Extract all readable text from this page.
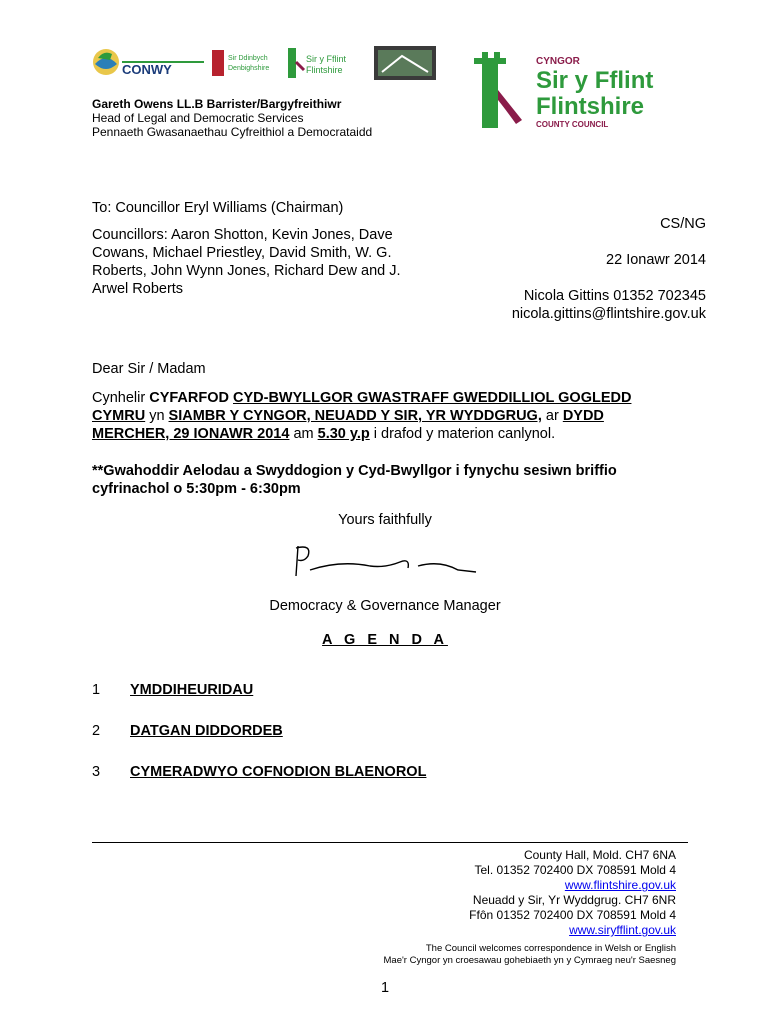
CONWY
Sir Ddinbych
Denbighshire
Sir y Fflint
Flintshire
Gareth Owens LL.B Barrister/Bargyfreithiwr
Head of Legal and Democratic Services
Pennaeth Gwasanaethau Cyfreithiol a Democrataidd
CYNGOR
Sir y Fflint
Flintshire
COUNTY COUNCIL
To: Councillor Eryl Williams (Chairman)
Councillors: Aaron Shotton, Kevin Jones, Dave Cowans, Michael Priestley, David Smith, W. G. Roberts, John Wynn Jones, Richard Dew and J. Arwel Roberts
CS/NG
22 Ionawr 2014
Nicola Gittins 01352 702345
nicola.gittins@flintshire.gov.uk
Dear Sir / Madam
Cynhelir CYFARFOD CYD-BWYLLGOR GWASTRAFF GWEDDILLIOL GOGLEDD CYMRU yn SIAMBR Y CYNGOR, NEUADD Y SIR, YR WYDDGRUG, ar DYDD MERCHER, 29 IONAWR 2014 am 5.30 y.p i drafod y materion canlynol.
**Gwahoddir Aelodau a Swyddogion y Cyd-Bwyllgor i fynychu sesiwn briffio cyfrinachol o 5:30pm - 6:30pm
Yours faithfully
Democracy & Governance Manager
A G E N D A
1 YMDDIHEURIDAU
2 DATGAN DIDDORDEB
3 CYMERADWYO COFNODION BLAENOROL
County Hall, Mold. CH7 6NA
Tel. 01352 702400 DX 708591 Mold 4
www.flintshire.gov.uk
Neuadd y Sir, Yr Wyddgrug. CH7 6NR
Ffôn 01352 702400 DX 708591 Mold 4
www.siryfflint.gov.uk
The Council welcomes correspondence in Welsh or English
Mae'r Cyngor yn croesawau gohebiaeth yn y Cymraeg neu'r Saesneg
1
